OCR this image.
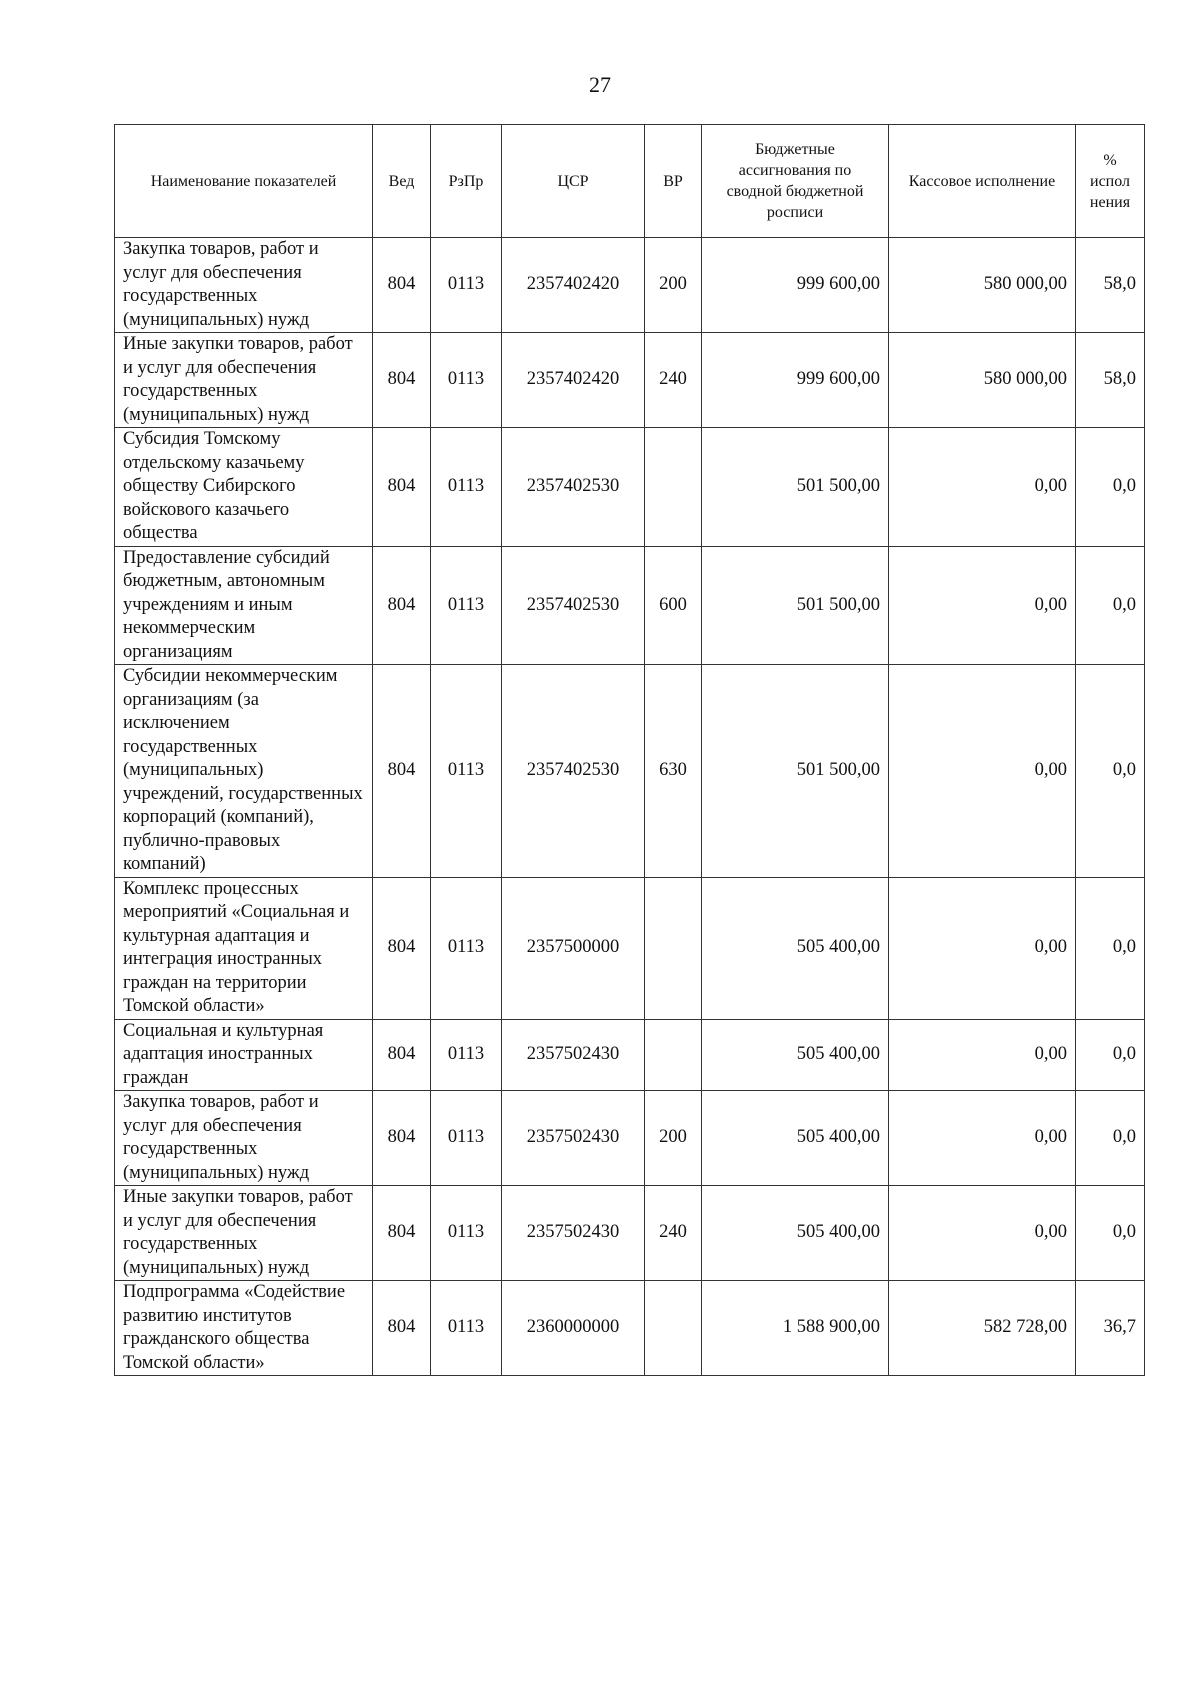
27
Наименование показателей	Вед	РзПр	ЦСР	ВР	Бюджетные ассигнования по сводной бюджетной росписи	Кассовое исполнение	% испол нения
Закупка товаров, работ и услуг для обеспечения государственных (муниципальных) нужд	804	0113	2357402420	200	999 600,00	580 000,00	58,0
Иные закупки товаров, работ и услуг для обеспечения государственных (муниципальных) нужд	804	0113	2357402420	240	999 600,00	580 000,00	58,0
Субсидия Томскому отдельскому казачьему обществу Сибирского войскового казачьего общества	804	0113	2357402530		501 500,00	0,00	0,0
Предоставление субсидий бюджетным, автономным учреждениям и иным некоммерческим организациям	804	0113	2357402530	600	501 500,00	0,00	0,0
Субсидии некоммерческим организациям (за исключением государственных (муниципальных) учреждений, государственных корпораций (компаний), публично-правовых компаний)	804	0113	2357402530	630	501 500,00	0,00	0,0
Комплекс процессных мероприятий «Социальная и культурная адаптация и интеграция иностранных граждан на территории Томской области»	804	0113	2357500000		505 400,00	0,00	0,0
Социальная и культурная адаптация иностранных граждан	804	0113	2357502430		505 400,00	0,00	0,0
Закупка товаров, работ и услуг для обеспечения государственных (муниципальных) нужд	804	0113	2357502430	200	505 400,00	0,00	0,0
Иные закупки товаров, работ и услуг для обеспечения государственных (муниципальных) нужд	804	0113	2357502430	240	505 400,00	0,00	0,0
Подпрограмма «Содействие развитию институтов гражданского общества Томской области»	804	0113	2360000000		1 588 900,00	582 728,00	36,7
